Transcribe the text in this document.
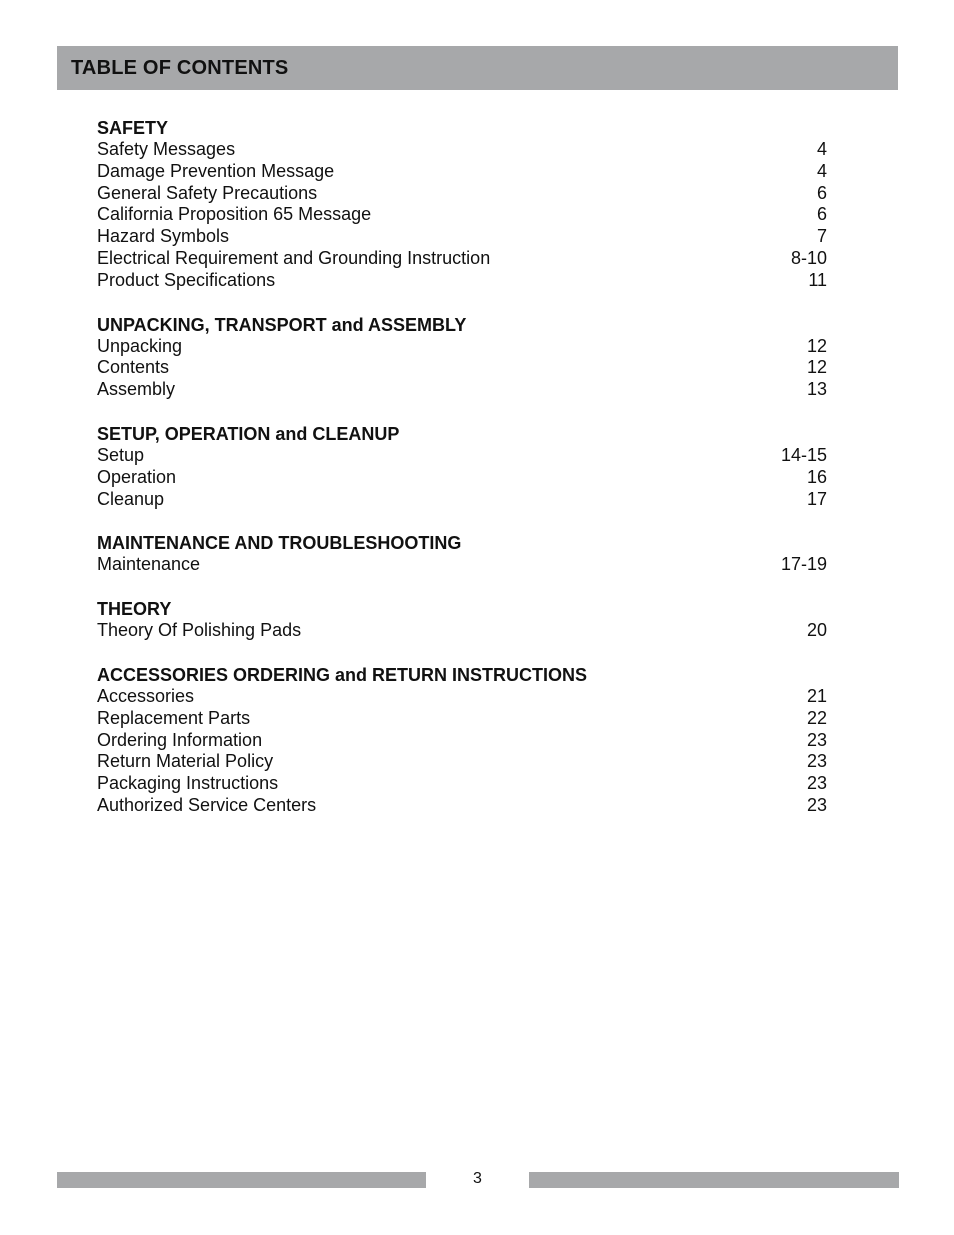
TABLE OF CONTENTS
SAFETY
Safety Messages	4
Damage Prevention Message	4
General Safety Precautions	6
California Proposition 65 Message	6
Hazard Symbols	7
Electrical Requirement and Grounding Instruction	8-10
Product Specifications	11
UNPACKING, TRANSPORT and ASSEMBLY
Unpacking	12
Contents	12
Assembly	13
SETUP, OPERATION and CLEANUP
Setup	14-15
Operation	16
Cleanup	17
MAINTENANCE AND TROUBLESHOOTING
Maintenance	17-19
THEORY
Theory Of Polishing Pads	20
ACCESSORIES ORDERING and RETURN INSTRUCTIONS
Accessories	21
Replacement Parts	22
Ordering Information	23
Return Material Policy	23
Packaging Instructions	23
Authorized Service Centers	23
3
